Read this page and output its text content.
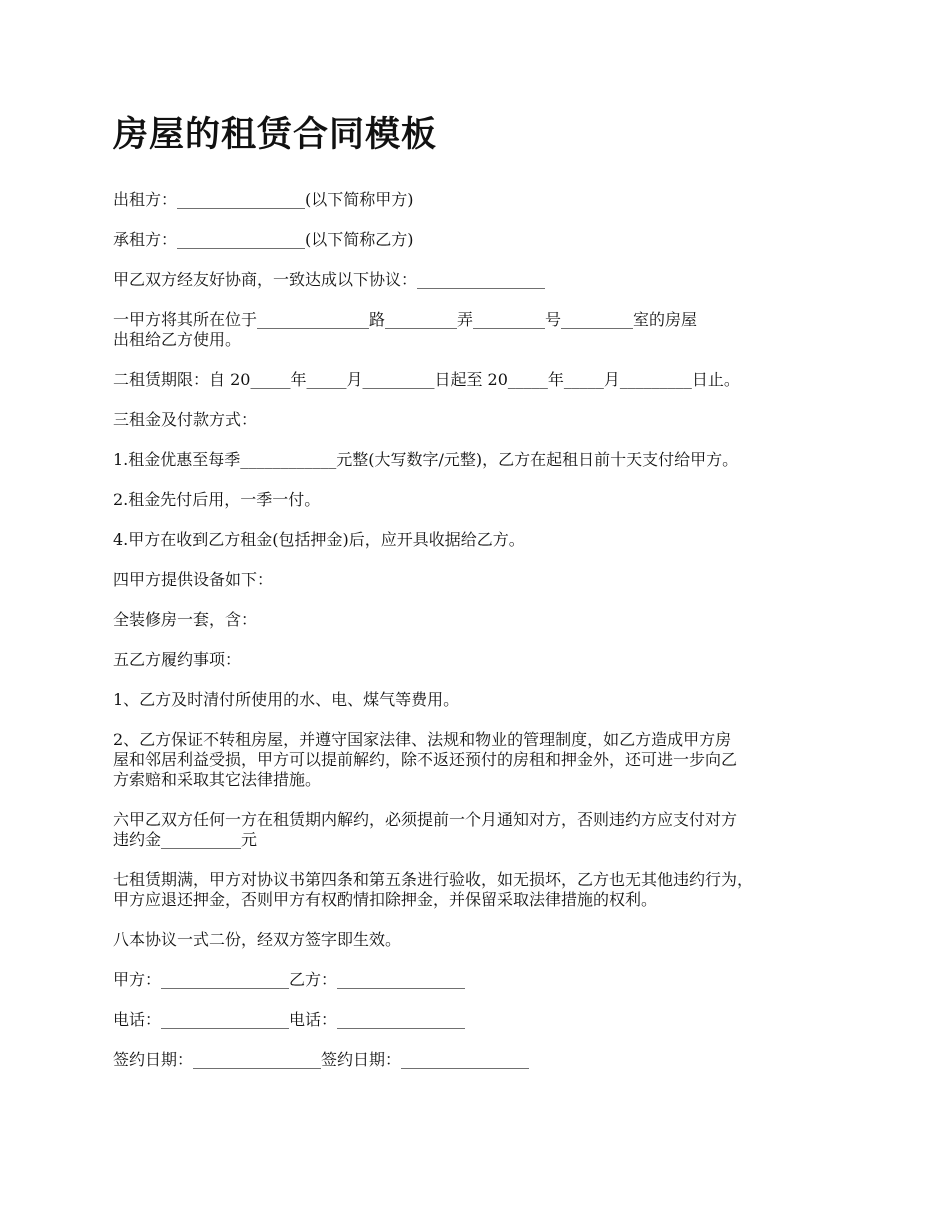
房屋的租赁合同模板

出租方：________________(以下简称甲方)

承租方：________________(以下简称乙方)

甲乙双方经友好协商，一致达成以下协议：________________

一甲方将其所在位于______________路_________弄_________号_________室的房屋
出租给乙方使用。

二租赁期限：自 20_____年_____月_________日起至 20_____年_____月_________日止。

三租金及付款方式：

1.租金优惠至每季____________元整(大写数字/元整)，乙方在起租日前十天支付给甲方。

2.租金先付后用，一季一付。

4.甲方在收到乙方租金(包括押金)后，应开具收据给乙方。

四甲方提供设备如下：

全装修房一套，含：

五乙方履约事项：

1、乙方及时清付所使用的水、电、煤气等费用。

2、乙方保证不转租房屋，并遵守国家法律、法规和物业的管理制度，如乙方造成甲方房
屋和邻居利益受损，甲方可以提前解约，除不返还预付的房租和押金外，还可进一步向乙
方索赔和采取其它法律措施。

六甲乙双方任何一方在租赁期内解约，必须提前一个月通知对方，否则违约方应支付对方
违约金__________元

七租赁期满，甲方对协议书第四条和第五条进行验收，如无损坏，乙方也无其他违约行为，
甲方应退还押金，否则甲方有权酌情扣除押金，并保留采取法律措施的权利。

八本协议一式二份，经双方签字即生效。

甲方：________________乙方：________________

电话：________________电话：________________

签约日期：________________签约日期：________________
